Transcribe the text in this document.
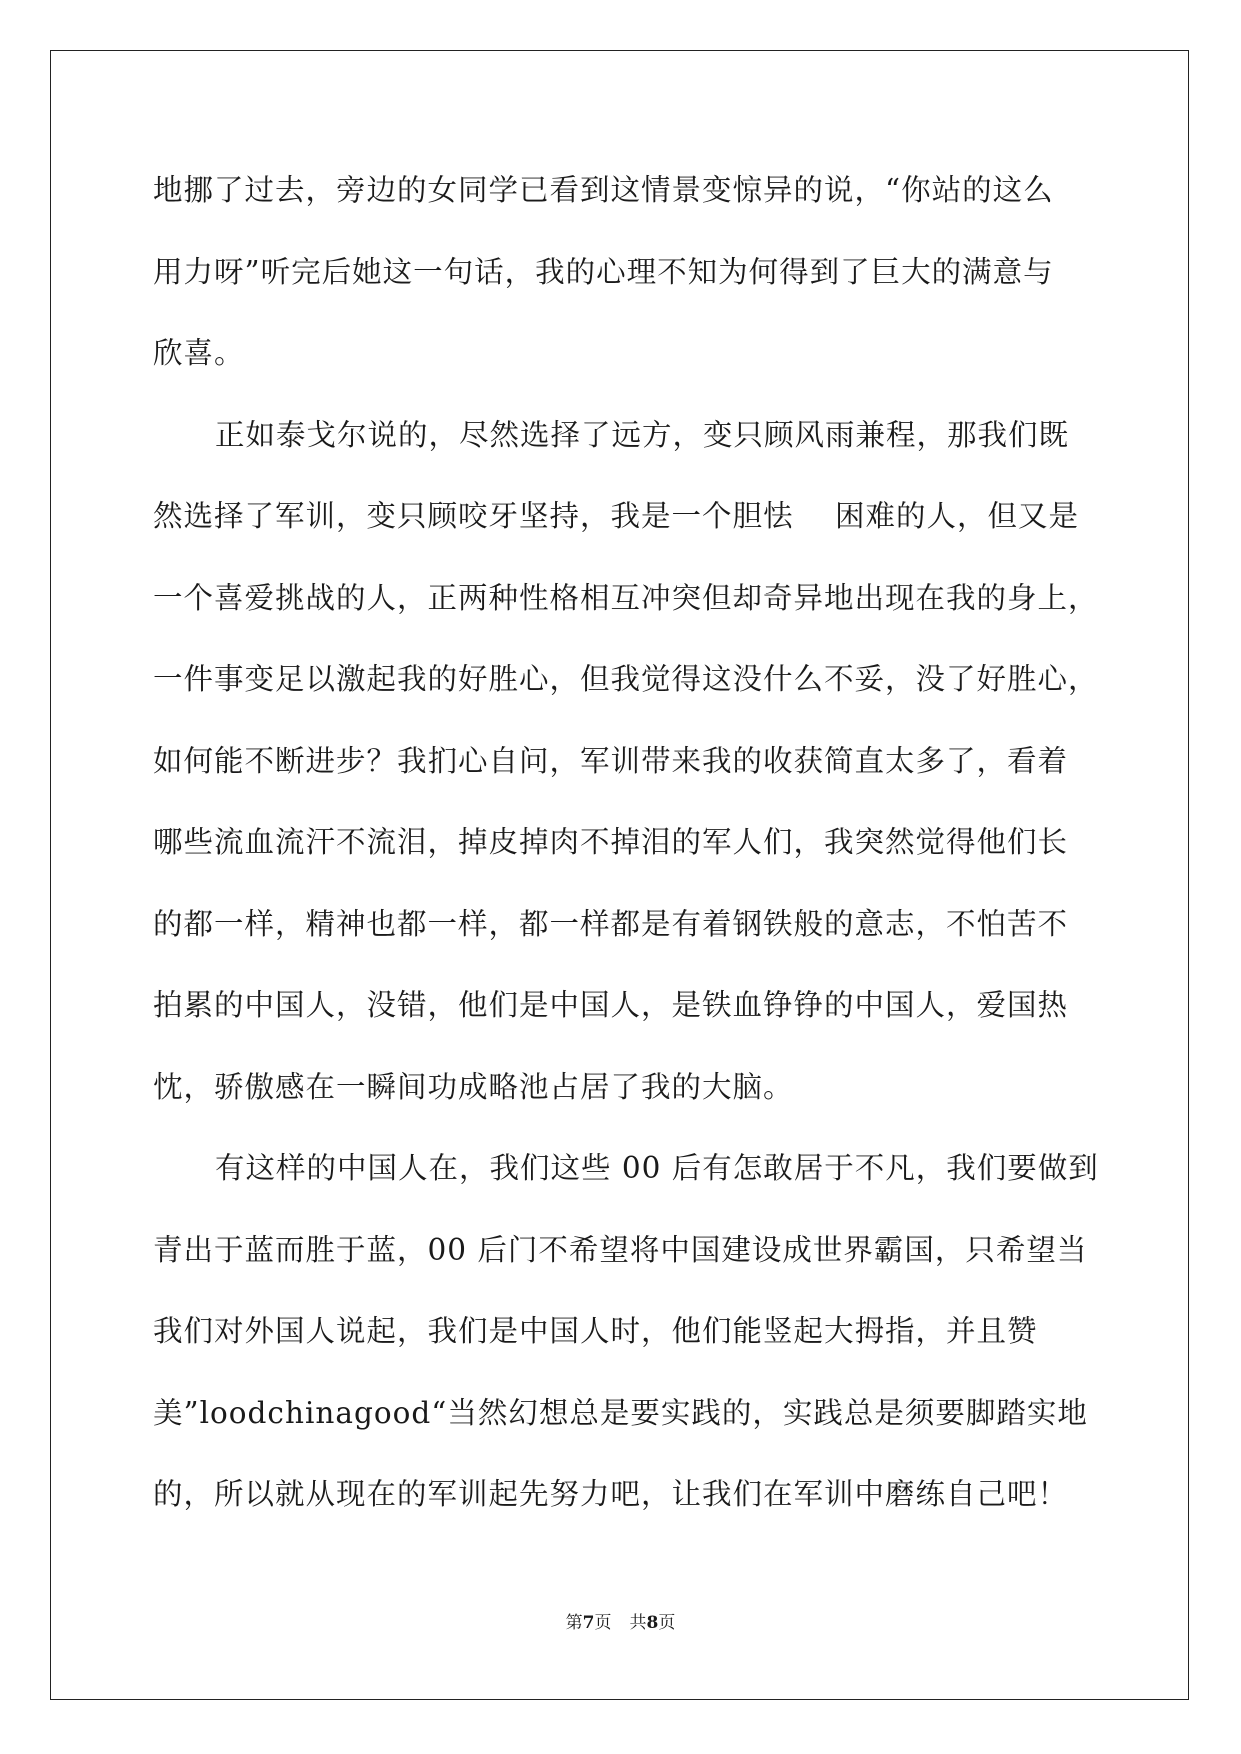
地挪了过去，旁边的女同学已看到这情景变惊异的说，“你站的这么
用力呀”听完后她这一句话，我的心理不知为何得到了巨大的满意与
欣喜。
正如泰戈尔说的，尽然选择了远方，变只顾风雨兼程，那我们既
然选择了军训，变只顾咬牙坚持，我是一个胆怯    困难的人，但又是
一个喜爱挑战的人，正两种性格相互冲突但却奇异地出现在我的身上，
一件事变足以激起我的好胜心，但我觉得这没什么不妥，没了好胜心，
如何能不断进步？我扪心自问，军训带来我的收获简直太多了，看着
哪些流血流汗不流泪，掉皮掉肉不掉泪的军人们，我突然觉得他们长
的都一样，精神也都一样，都一样都是有着钢铁般的意志，不怕苦不
拍累的中国人，没错，他们是中国人，是铁血铮铮的中国人，爱国热
忱，骄傲感在一瞬间功成略池占居了我的大脑。
有这样的中国人在，我们这些 00 后有怎敢居于不凡，我们要做到
青出于蓝而胜于蓝，00 后门不希望将中国建设成世界霸国，只希望当
我们对外国人说起，我们是中国人时，他们能竖起大拇指，并且赞
美”loodchinagood“当然幻想总是要实践的，实践总是须要脚踏实地
的，所以就从现在的军训起先努力吧，让我们在军训中磨练自己吧！
第7页 共8页
